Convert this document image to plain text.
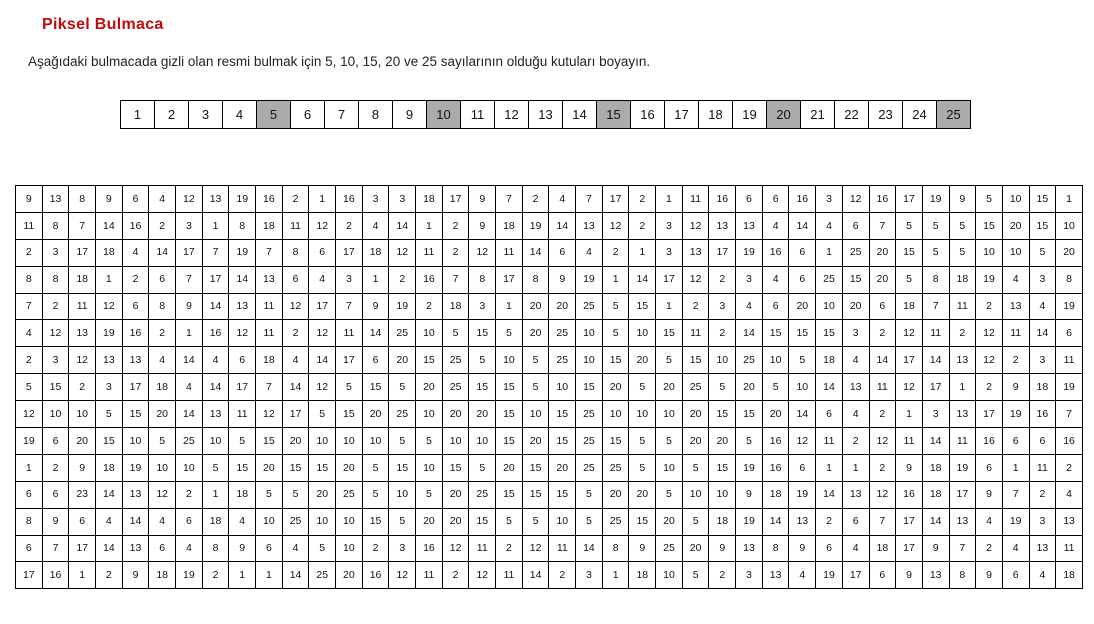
Piksel Bulmaca
Aşağıdaki bulmacada gizli olan resmi bulmak için 5, 10, 15, 20 ve 25 sayılarının olduğu kutuları boyayın.
1	2	3	4	5	6	7	8	9	10	11	12	13	14	15	16	17	18	19	20	21	22	23	24	25
9	13	8	9	6	4	12	13	19	16	2	1	16	3	3	18	17	9	7	2	4	7	17	2	1	11	16	6	6	16	3	12	16	17	19	9	5	10	15	1
11	8	7	14	16	2	3	1	8	18	11	12	2	4	14	1	2	9	18	19	14	13	12	2	3	12	13	13	4	14	4	6	7	5	5	5	15	20	15	10
2	3	17	18	4	14	17	7	19	7	8	6	17	18	12	11	2	12	11	14	6	4	2	1	3	13	17	19	16	6	1	25	20	15	5	5	10	10	5	20
8	8	18	1	2	6	7	17	14	13	6	4	3	1	2	16	7	8	17	8	9	19	1	14	17	12	2	3	4	6	25	15	20	5	8	18	19	4	3	8
7	2	11	12	6	8	9	14	13	11	12	17	7	9	19	2	18	3	1	20	20	25	5	15	1	2	3	4	6	20	10	20	6	18	7	11	2	13	4	19
4	12	13	19	16	2	1	16	12	11	2	12	11	14	25	10	5	15	5	20	25	10	5	10	15	11	2	14	15	15	15	3	2	12	11	2	12	11	14	6
2	3	12	13	13	4	14	4	6	18	4	14	17	6	20	15	25	5	10	5	25	10	15	20	5	15	10	25	10	5	18	4	14	17	14	13	12	2	3	11
5	15	2	3	17	18	4	14	17	7	14	12	5	15	5	20	25	15	15	5	10	15	20	5	20	25	5	20	5	10	14	13	11	12	17	1	2	9	18	19
12	10	10	5	15	20	14	13	11	12	17	5	15	20	25	10	20	20	15	10	15	25	10	10	10	20	15	15	20	14	6	4	2	1	3	13	17	19	16	7
19	6	20	15	10	5	25	10	5	15	20	10	10	10	5	5	10	10	15	20	15	25	15	5	5	20	20	5	16	12	11	2	12	11	14	11	16	6	6	16
1	2	9	18	19	10	10	5	15	20	15	15	20	5	15	10	15	5	20	15	20	25	25	5	10	5	15	19	16	6	1	1	2	9	18	19	6	1	11	2
6	6	23	14	13	12	2	1	18	5	5	20	25	5	10	5	20	25	15	15	15	5	20	20	5	10	10	9	18	19	14	13	12	16	18	17	9	7	2	4
8	9	6	4	14	4	6	18	4	10	25	10	10	15	5	20	20	15	5	5	10	5	25	15	20	5	18	19	14	13	2	6	7	17	14	13	4	19	3	13
6	7	17	14	13	6	4	8	9	6	4	5	10	2	3	16	12	11	2	12	11	14	8	9	25	20	9	13	8	9	6	4	18	17	9	7	2	4	13	11
17	16	1	2	9	18	19	2	1	1	14	25	20	16	12	11	2	12	11	14	2	3	1	18	10	5	2	3	13	4	19	17	6	9	13	8	9	6	4	18
